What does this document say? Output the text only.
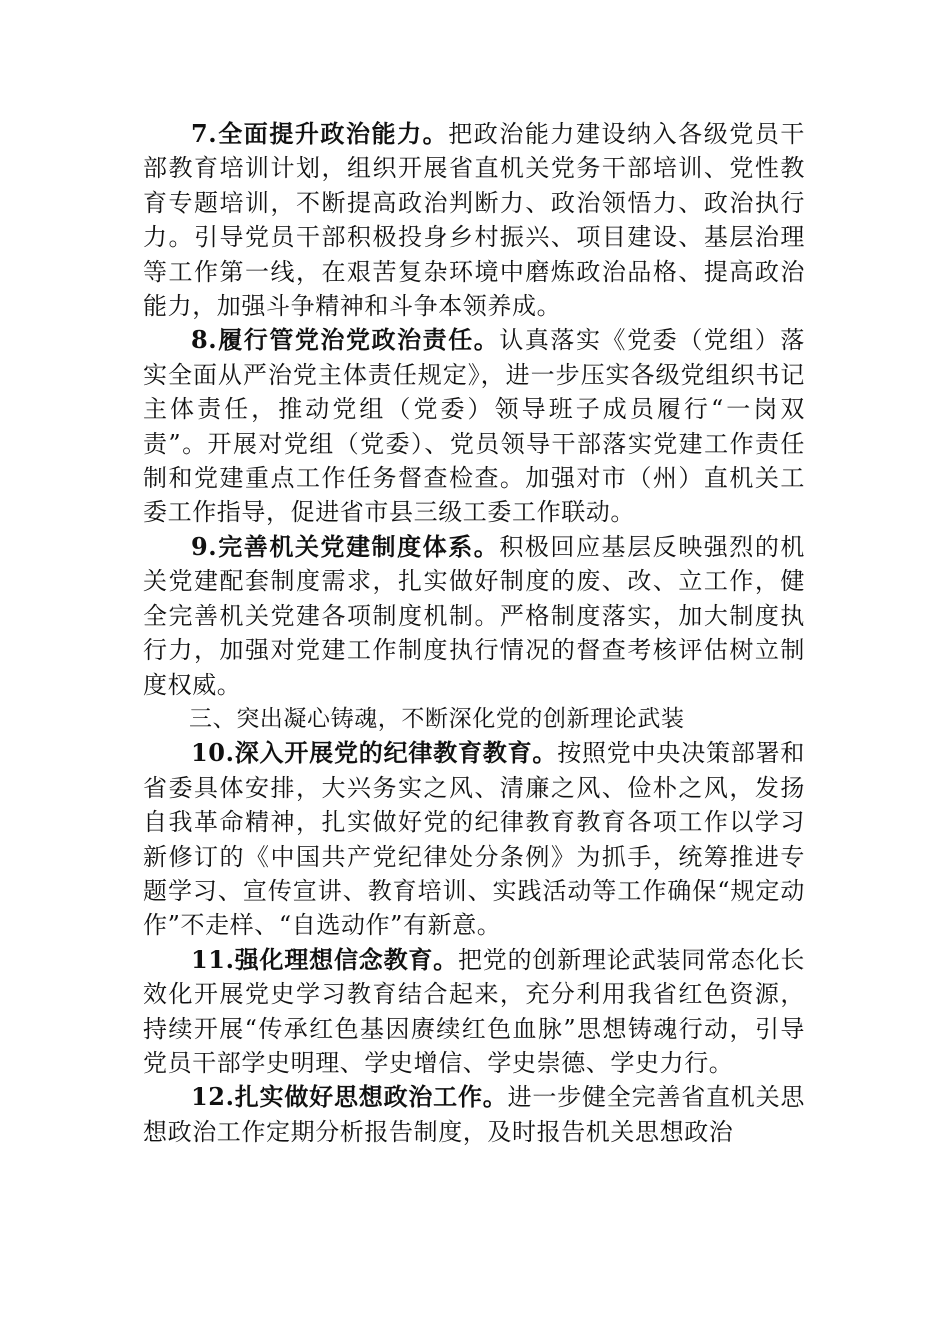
7.全面提升政治能力。把政治能力建设纳入各级党员干部教育培训计划，组织开展省直机关党务干部培训、党性教育专题培训，不断提高政治判断力、政治领悟力、政治执行力。引导党员干部积极投身乡村振兴、项目建设、基层治理等工作第一线，在艰苦复杂环境中磨炼政治品格、提高政治能力，加强斗争精神和斗争本领养成。

8.履行管党治党政治责任。认真落实《党委（党组）落实全面从严治党主体责任规定》，进一步压实各级党组织书记主体责任，推动党组（党委）领导班子成员履行“一岗双责”。开展对党组（党委）、党员领导干部落实党建工作责任制和党建重点工作任务督查检查。加强对市（州）直机关工委工作指导，促进省市县三级工委工作联动。

9.完善机关党建制度体系。积极回应基层反映强烈的机关党建配套制度需求，扎实做好制度的废、改、立工作，健全完善机关党建各项制度机制。严格制度落实，加大制度执行力，加强对党建工作制度执行情况的督查考核评估树立制度权威。

三、突出凝心铸魂，不断深化党的创新理论武装

10.深入开展党的纪律教育教育。按照党中央决策部署和省委具体安排，大兴务实之风、清廉之风、俭朴之风，发扬自我革命精神，扎实做好党的纪律教育教育各项工作以学习新修订的《中国共产党纪律处分条例》为抓手，统筹推进专题学习、宣传宣讲、教育培训、实践活动等工作确保“规定动作”不走样、“自选动作”有新意。

11.强化理想信念教育。把党的创新理论武装同常态化长效化开展党史学习教育结合起来，充分利用我省红色资源，持续开展“传承红色基因赓续红色血脉”思想铸魂行动，引导党员干部学史明理、学史增信、学史崇德、学史力行。

12.扎实做好思想政治工作。进一步健全完善省直机关思想政治工作定期分析报告制度，及时报告机关思想政治
